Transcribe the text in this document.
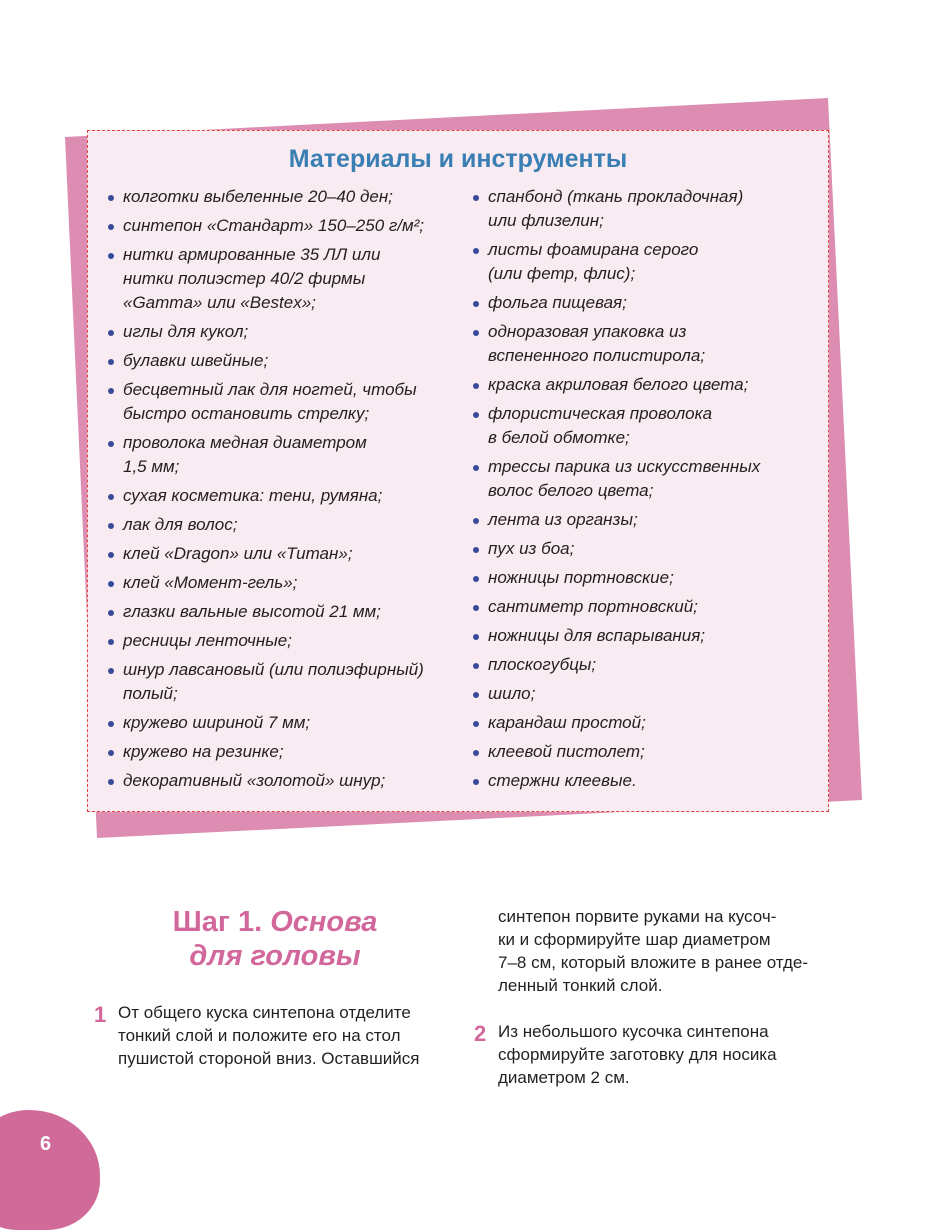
Материалы и инструменты
колготки выбеленные 20–40 ден;
синтепон «Стандарт» 150–250 г/м²;
нитки армированные 35 ЛЛ или
нитки полиэстер 40/2 фирмы
«Gamma» или «Bestex»;
иглы для кукол;
булавки швейные;
бесцветный лак для ногтей, чтобы
быстро остановить стрелку;
проволока медная диаметром
1,5 мм;
сухая косметика: тени, румяна;
лак для волос;
клей «Dragon» или «Титан»;
клей «Момент-гель»;
глазки вальные высотой 21 мм;
ресницы ленточные;
шнур лавсановый (или полиэфирный)
полый;
кружево шириной 7 мм;
кружево на резинке;
декоративный «золотой» шнур;
спанбонд (ткань прокладочная)
или флизелин;
листы фоамирана серого
(или фетр, флис);
фольга пищевая;
одноразовая упаковка из
вспененного полистирола;
краска акриловая белого цвета;
флористическая проволока
в белой обмотке;
трессы парика из искусственных
волос белого цвета;
лента из органзы;
пух из боа;
ножницы портновские;
сантиметр портновский;
ножницы для вспарывания;
плоскогубцы;
шило;
карандаш простой;
клеевой пистолет;
стержни клеевые.
Шаг 1. Основа
для головы
1 От общего куска синтепона отделите
тонкий слой и положите его на стол
пушистой стороной вниз. Оставшийся
синтепон порвите руками на кусоч-
ки и сформируйте шар диаметром
7–8 см, который вложите в ранее отде-
ленный тонкий слой.
2 Из небольшого кусочка синтепона
сформируйте заготовку для носика
диаметром 2 см.
6
